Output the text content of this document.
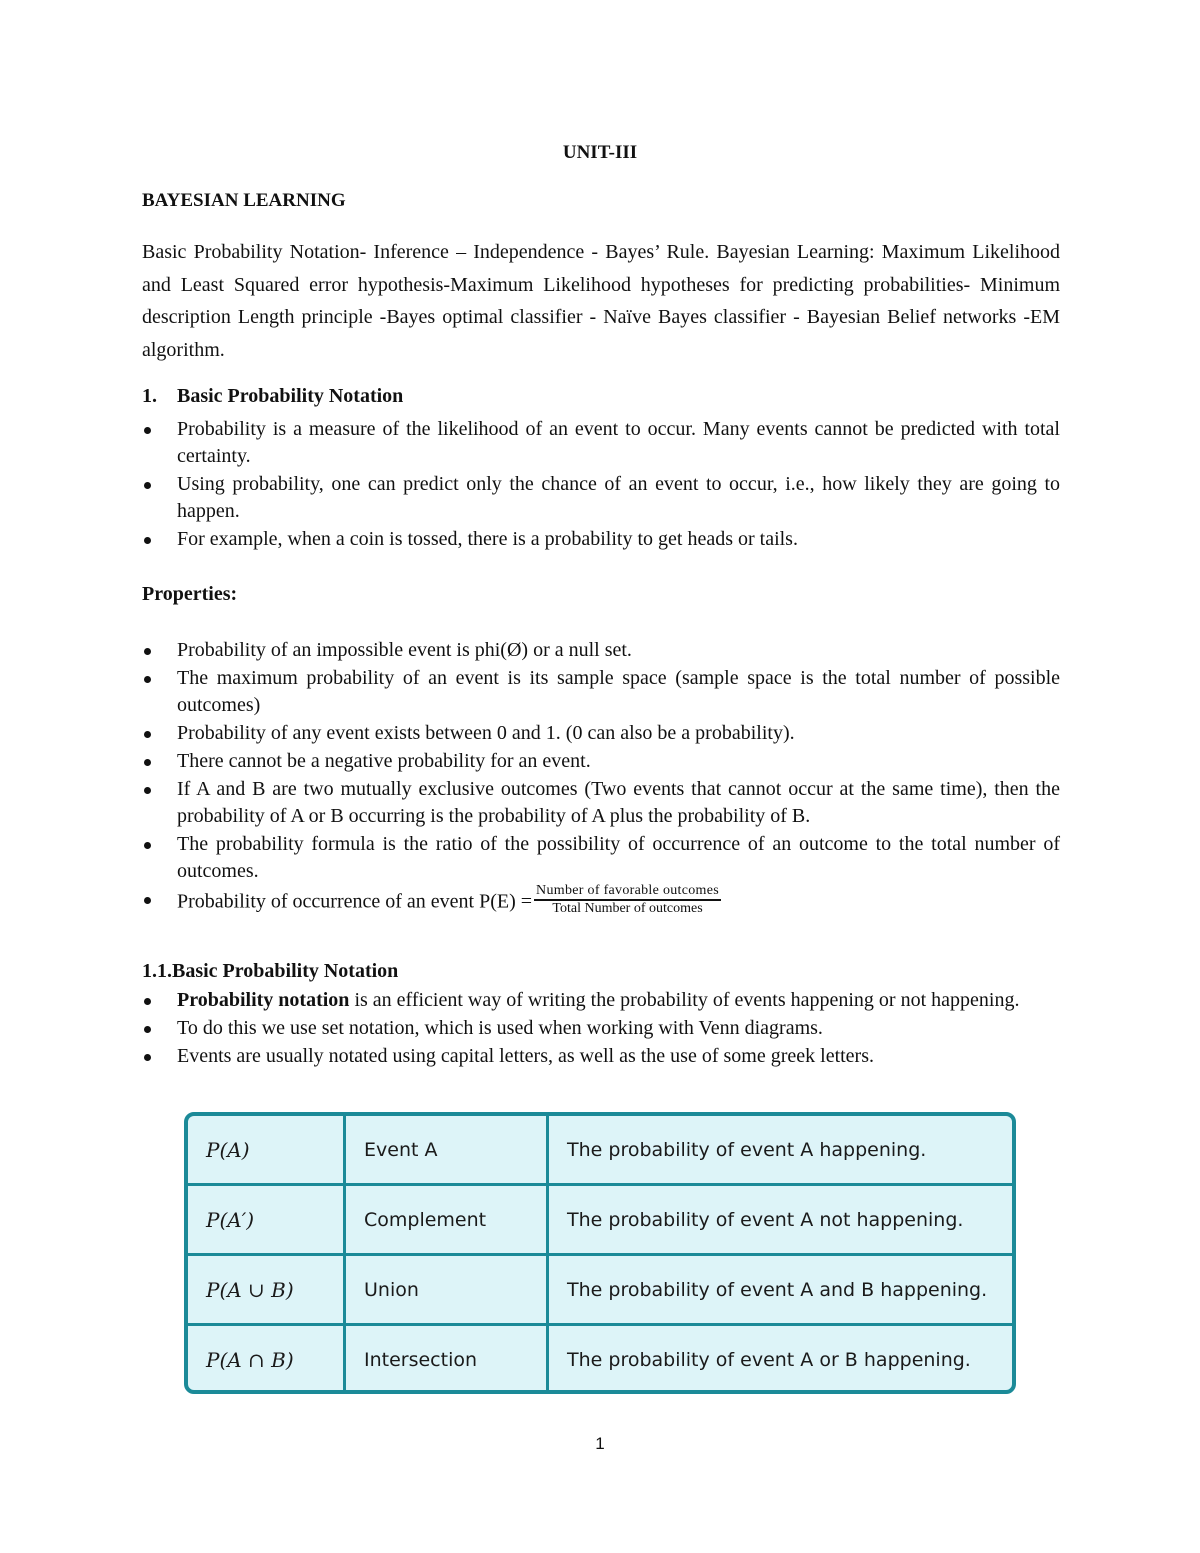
UNIT-III
BAYESIAN LEARNING
Basic Probability Notation- Inference – Independence - Bayes’ Rule. Bayesian Learning: Maximum Likelihood and Least Squared error hypothesis-Maximum Likelihood hypotheses for predicting probabilities- Minimum description Length principle -Bayes optimal classifier - Naïve Bayes classifier - Bayesian Belief networks -EM algorithm.
1. Basic Probability Notation
Probability is a measure of the likelihood of an event to occur. Many events cannot be predicted with total certainty.
Using probability, one can predict only the chance of an event to occur, i.e., how likely they are going to happen.
For example, when a coin is tossed, there is a probability to get heads or tails.
Properties:
Probability of an impossible event is phi(Ø) or a null set.
The maximum probability of an event is its sample space (sample space is the total number of possible outcomes)
Probability of any event exists between 0 and 1. (0 can also be a probability).
There cannot be a negative probability for an event.
If A and B are two mutually exclusive outcomes (Two events that cannot occur at the same time), then the probability of A or B occurring is the probability of A plus the probability of B.
The probability formula is the ratio of the possibility of occurrence of an outcome to the total number of outcomes.
Probability of occurrence of an event $P(E) = \frac{\text{Number of favorable outcomes}}{\text{Total Number of outcomes}}$
1.1.Basic Probability Notation
Probability notation is an efficient way of writing the probability of events happening or not happening.
To do this we use set notation, which is used when working with Venn diagrams.
Events are usually notated using capital letters, as well as the use of some greek letters.
P(A)	Event A	The probability of event A happening.
P(A′)	Complement	The probability of event A not happening.
P(A ∪ B)	Union	The probability of event A and B happening.
P(A ∩ B)	Intersection	The probability of event A or B happening.
1
